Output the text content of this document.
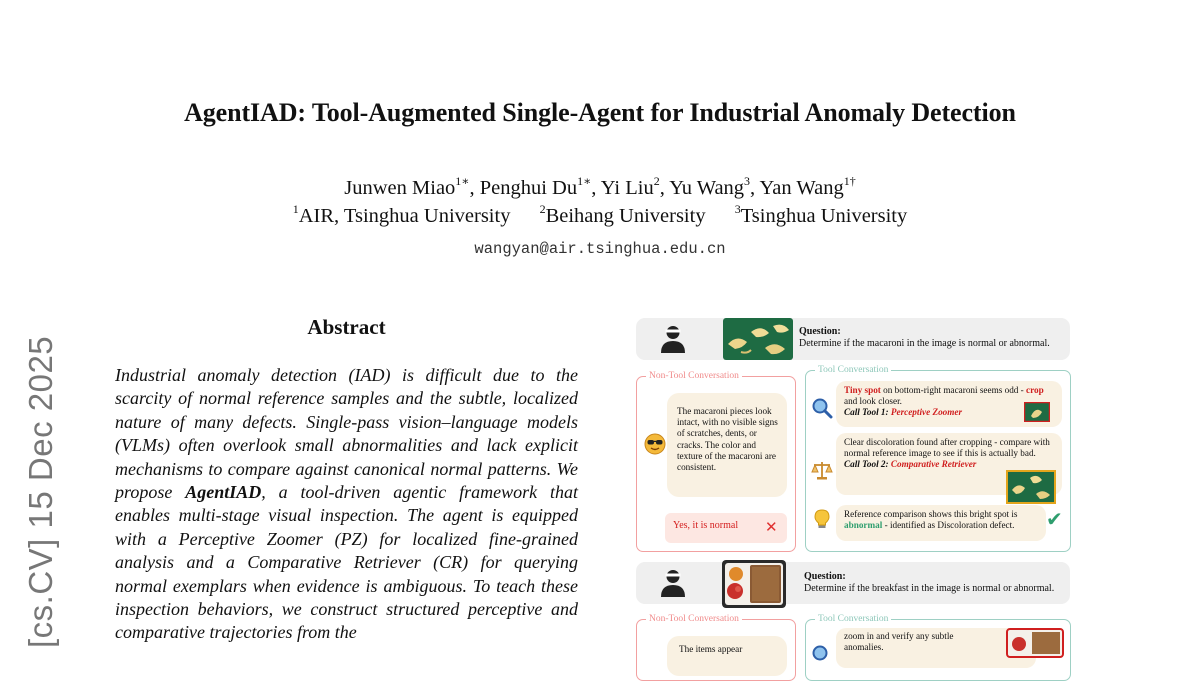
AgentIAD: Tool-Augmented Single-Agent for Industrial Anomaly Detection
Junwen Miao$^{1∗}$, Penghui $Du^{1∗}$, Yi Liu$^2$, Yu Wang$^3$, Yan Wang$^{1\dagger}$
$^1$AIR, Tsinghua University $^2$Beihang University $^3$Tsinghua University
wangyan@air.tsinghua.edu.cn
[cs.CV] 15 Dec 2025
Abstract

Industrial anomaly detection (IAD) is difficult due to the scarcity of normal reference samples and the subtle, localized nature of many defects. Single-pass vision–language models (VLMs) often overlook small abnormalities and lack explicit mechanisms to compare against canonical normal patterns. We propose AgentIAD, a tool-driven agentic framework that enables multi-stage visual inspection. The agent is equipped with a Perceptive Zoomer (PZ) for localized fine-grained analysis and a Comparative Retriever (CR) for querying normal exemplars when evidence is ambiguous. To teach these inspection behaviors, we construct structured perceptive and comparative trajectories from the

Question:
Determine if the macaroni in the image is normal or abnormal.
Non-Tool Conversation
The macaroni pieces look intact, with no visible signs of scratches, dents, or cracks. The color and texture of the macaroni are consistent.
Yes, it is normal	✕
Tool Conversation
Tiny spot on bottom-right macaroni seems odd - crop and look closer.
Call Tool 1: Perceptive Zoomer
Clear discoloration found after cropping - compare with normal reference image to see if this is actually bad.
Call Tool 2: Comparative Retriever
Reference comparison shows this bright spot is abnormal - identified as Discoloration defect.	✔
Question:
Determine if the breakfast in the image is normal or abnormal.
Non-Tool Conversation
The items appear
Tool Conversation
zoom in and verify any subtle
anomalies.
